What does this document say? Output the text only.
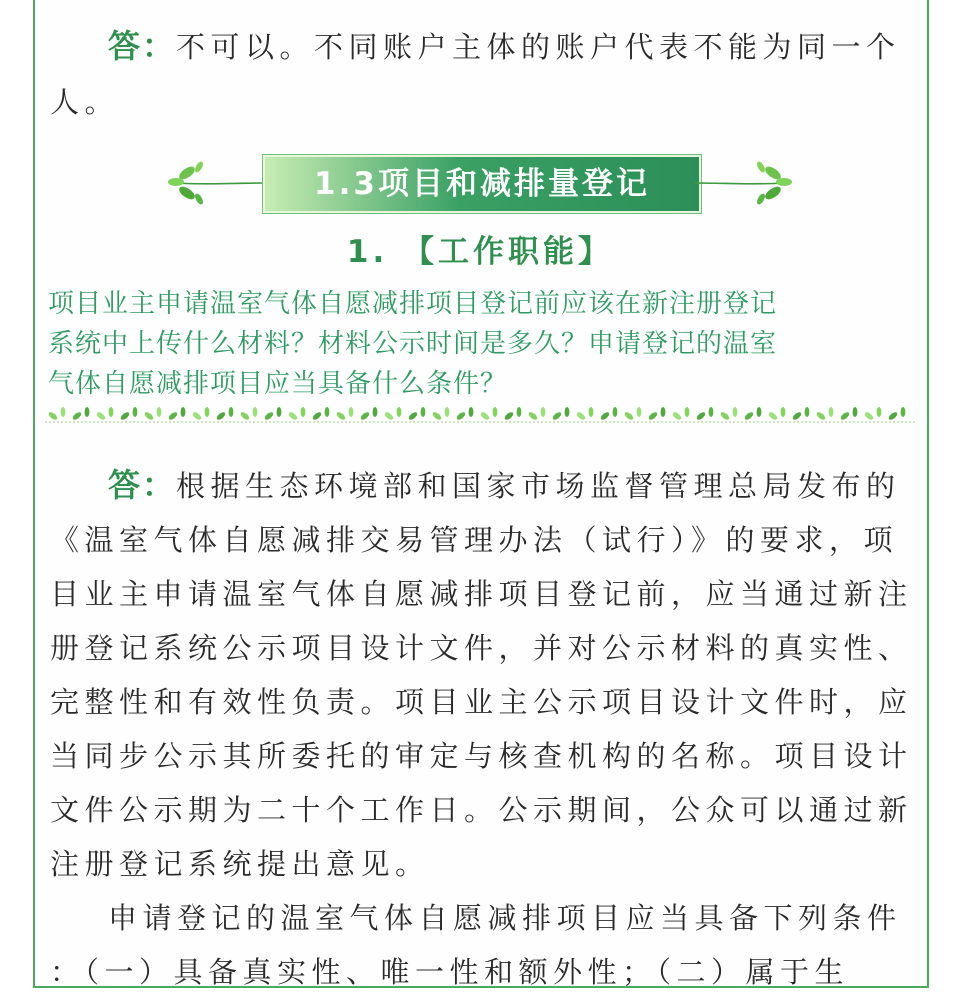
答：不可以。不同账户主体的账户代表不能为同一个
人。
1.3项目和减排量登记
1. 【工作职能】
项目业主申请温室气体自愿减排项目登记前应该在新注册登记
系统中上传什么材料？材料公示时间是多久？申请登记的温室
气体自愿减排项目应当具备什么条件？
答：根据生态环境部和国家市场监督管理总局发布的
《温室气体自愿减排交易管理办法（试行）》的要求，项
目业主申请温室气体自愿减排项目登记前，应当通过新注
册登记系统公示项目设计文件，并对公示材料的真实性、
完整性和有效性负责。项目业主公示项目设计文件时，应
当同步公示其所委托的审定与核查机构的名称。项目设计
文件公示期为二十个工作日。公示期间，公众可以通过新
注册登记系统提出意见。
申请登记的温室气体自愿减排项目应当具备下列条件
：（一）具备真实性、唯一性和额外性；（二）属于生
